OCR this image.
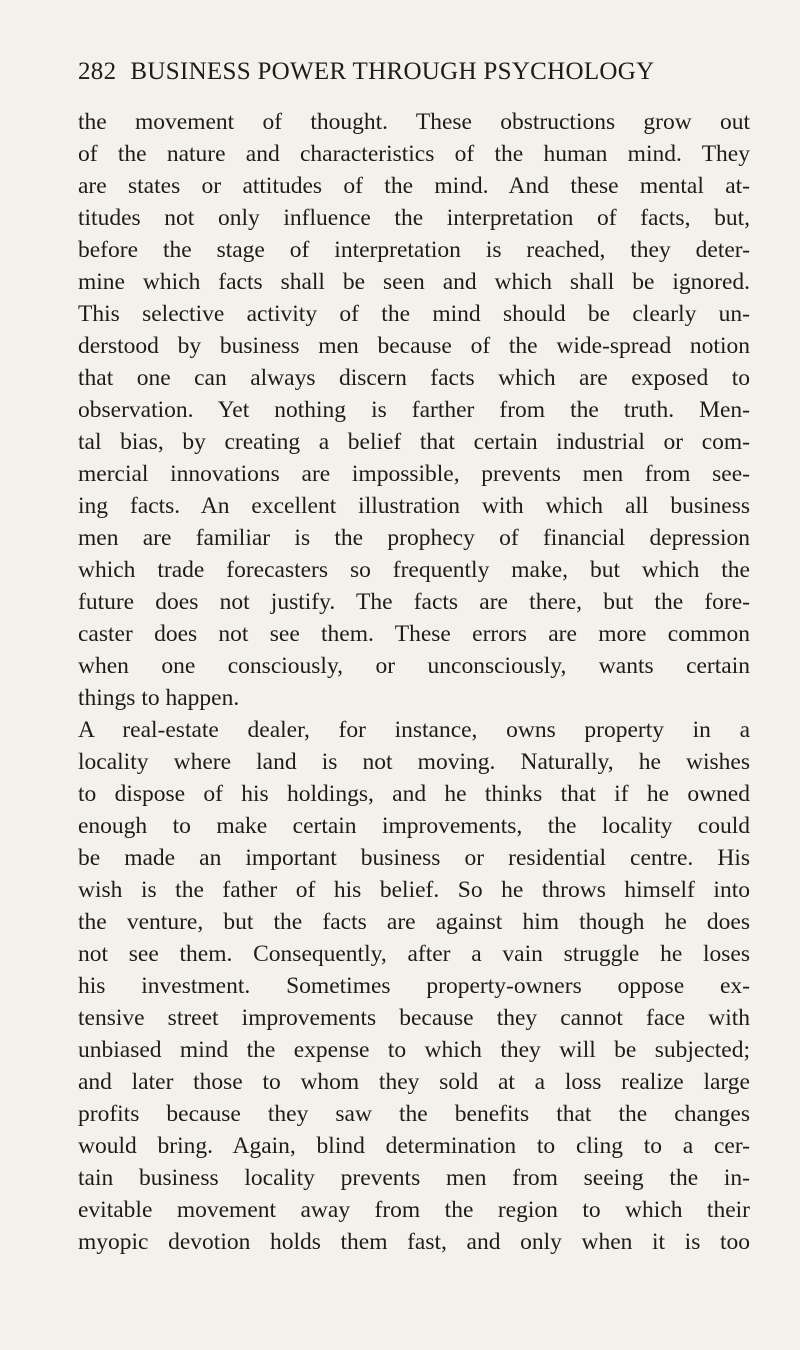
282 BUSINESS POWER THROUGH PSYCHOLOGY
the movement of thought. These obstructions grow out
of the nature and characteristics of the human mind. They
are states or attitudes of the mind. And these mental at-
titudes not only influence the interpretation of facts, but,
before the stage of interpretation is reached, they deter-
mine which facts shall be seen and which shall be ignored.
This selective activity of the mind should be clearly un-
derstood by business men because of the wide-spread notion
that one can always discern facts which are exposed to
observation. Yet nothing is farther from the truth. Men-
tal bias, by creating a belief that certain industrial or com-
mercial innovations are impossible, prevents men from see-
ing facts. An excellent illustration with which all business
men are familiar is the prophecy of financial depression
which trade forecasters so frequently make, but which the
future does not justify. The facts are there, but the fore-
caster does not see them. These errors are more common
when one consciously, or unconsciously, wants certain
things to happen.
A real-estate dealer, for instance, owns property in a
locality where land is not moving. Naturally, he wishes
to dispose of his holdings, and he thinks that if he owned
enough to make certain improvements, the locality could
be made an important business or residential centre. His
wish is the father of his belief. So he throws himself into
the venture, but the facts are against him though he does
not see them. Consequently, after a vain struggle he loses
his investment. Sometimes property-owners oppose ex-
tensive street improvements because they cannot face with
unbiased mind the expense to which they will be subjected;
and later those to whom they sold at a loss realize large
profits because they saw the benefits that the changes
would bring. Again, blind determination to cling to a cer-
tain business locality prevents men from seeing the in-
evitable movement away from the region to which their
myopic devotion holds them fast, and only when it is too
